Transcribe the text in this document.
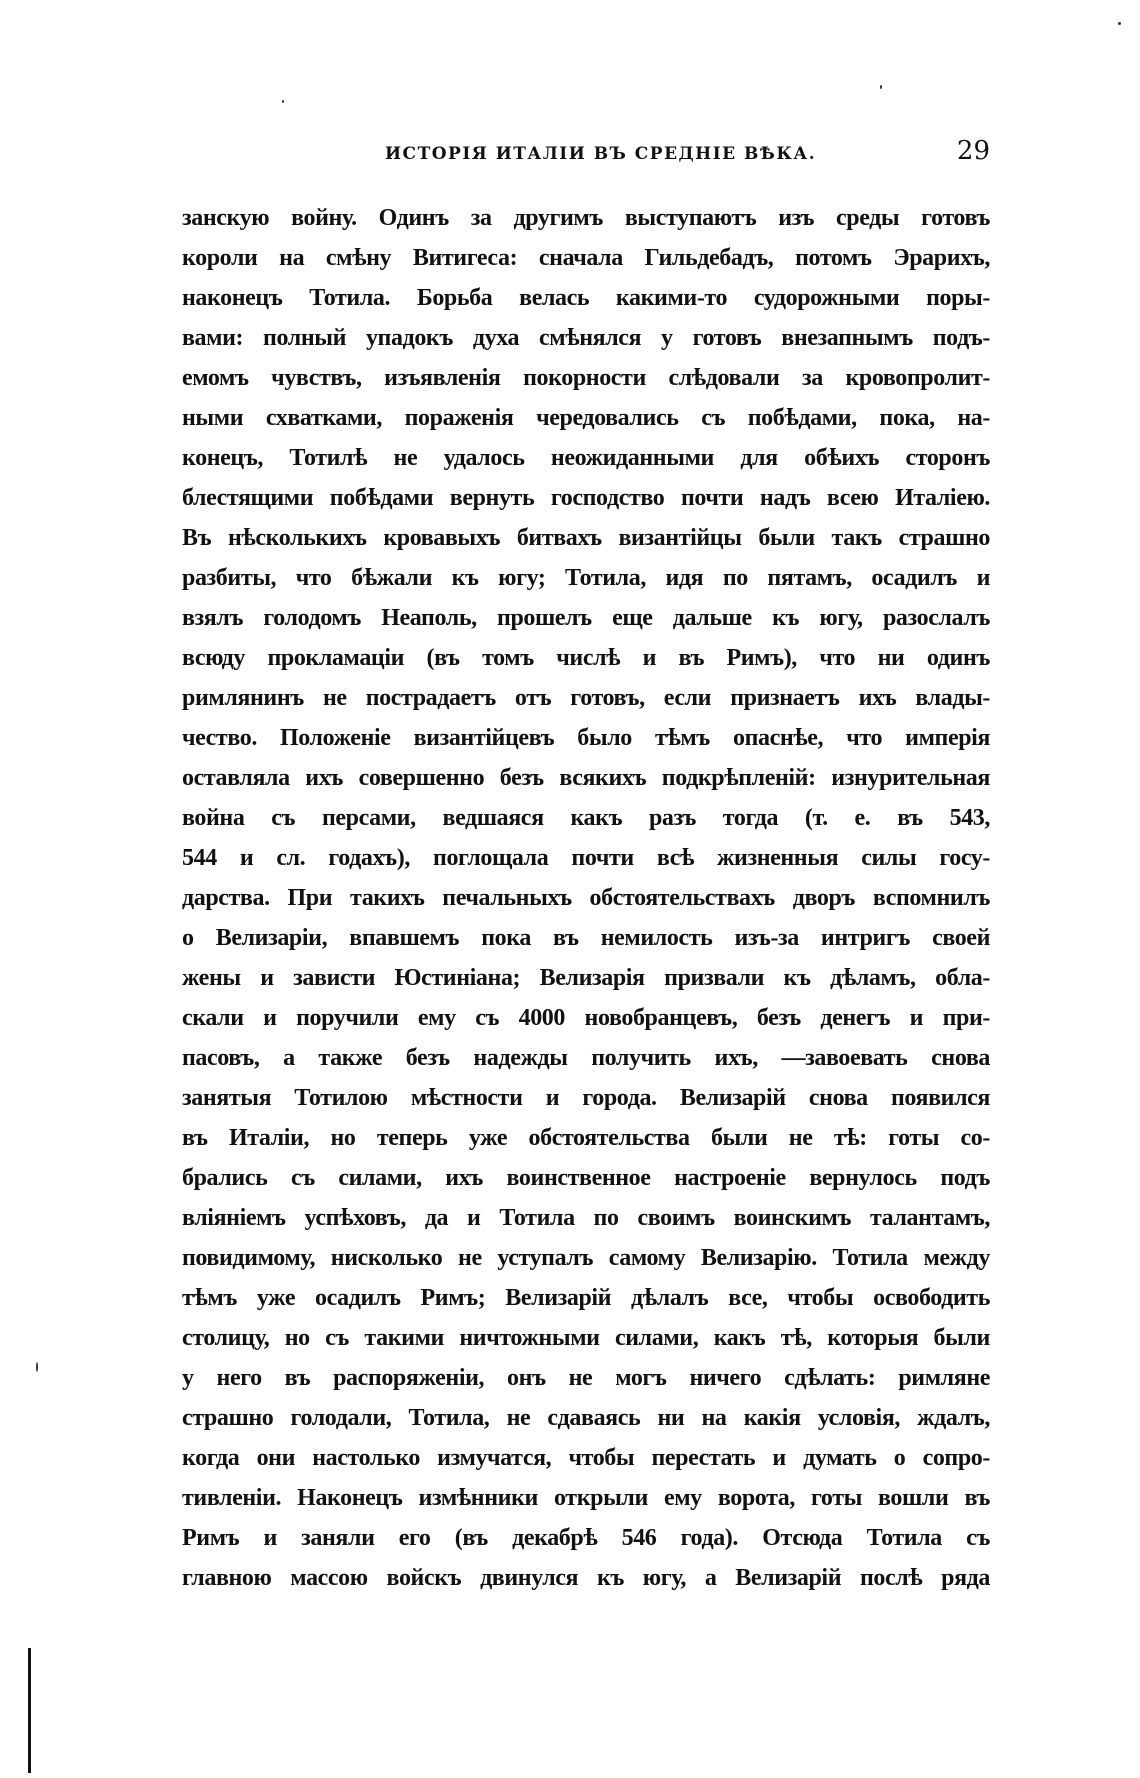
ИСТОРІЯ ИТАЛІИ ВЪ СРЕДНІЕ ВѢКА.	29
занскую войну. Одинъ за другимъ выступаютъ изъ среды готовъ
короли на смѣну Витигеса: сначала Гильдебадъ, потомъ Эрарихъ,
наконецъ Тотила. Борьба велась какими-то судорожными поры-
вами: полный упадокъ духа смѣнялся у готовъ внезапнымъ подъ-
емомъ чувствъ, изъявленія покорности слѣдовали за кровопролит-
ными схватками, пораженія чередовались съ побѣдами, пока, на-
конецъ, Тотилѣ не удалось неожиданными для обѣихъ сторонъ
блестящими побѣдами вернуть господство почти надъ всею Италіею.
Въ нѣсколькихъ кровавыхъ битвахъ византійцы были такъ страшно
разбиты, что бѣжали къ югу; Тотила, идя по пятамъ, осадилъ и
взялъ голодомъ Неаполь, прошелъ еще дальше къ югу, разослалъ
всюду прокламаціи (въ томъ числѣ и въ Римъ), что ни одинъ
римлянинъ не пострадаетъ отъ готовъ, если признаетъ ихъ влады-
чество. Положеніе византійцевъ было тѣмъ опаснѣе, что имперія
оставляла ихъ совершенно безъ всякихъ подкрѣпленій: изнурительная
война съ персами, ведшаяся какъ разъ тогда (т. е. въ 543,
544 и сл. годахъ), поглощала почти всѣ жизненныя силы госу-
дарства. При такихъ печальныхъ обстоятельствахъ дворъ вспомнилъ
о Велизаріи, впавшемъ пока въ немилость изъ-за интригъ своей
жены и зависти Юстиніана; Велизарія призвали къ дѣламъ, обла-
скали и поручили ему съ 4000 новобранцевъ, безъ денегъ и при-
пасовъ, а также безъ надежды получить ихъ, —завоевать снова
занятыя Тотилою мѣстности и города. Велизарій снова появился
въ Италіи, но теперь уже обстоятельства были не тѣ: готы со-
брались съ силами, ихъ воинственное настроеніе вернулось подъ
вліяніемъ успѣховъ, да и Тотила по своимъ воинскимъ талантамъ,
повидимому, нисколько не уступалъ самому Велизарію. Тотила между
тѣмъ уже осадилъ Римъ; Велизарій дѣлалъ все, чтобы освободить
столицу, но съ такими ничтожными силами, какъ тѣ, которыя были
у него въ распоряженіи, онъ не могъ ничего сдѣлать: римляне
страшно голодали, Тотила, не сдаваясь ни на какія условія, ждалъ,
когда они настолько измучатся, чтобы перестать и думать о сопро-
тивленіи. Наконецъ измѣнники открыли ему ворота, готы вошли въ
Римъ и заняли его (въ декабрѣ 546 года). Отсюда Тотила съ
главною массою войскъ двинулся къ югу, а Велизарій послѣ ряда
